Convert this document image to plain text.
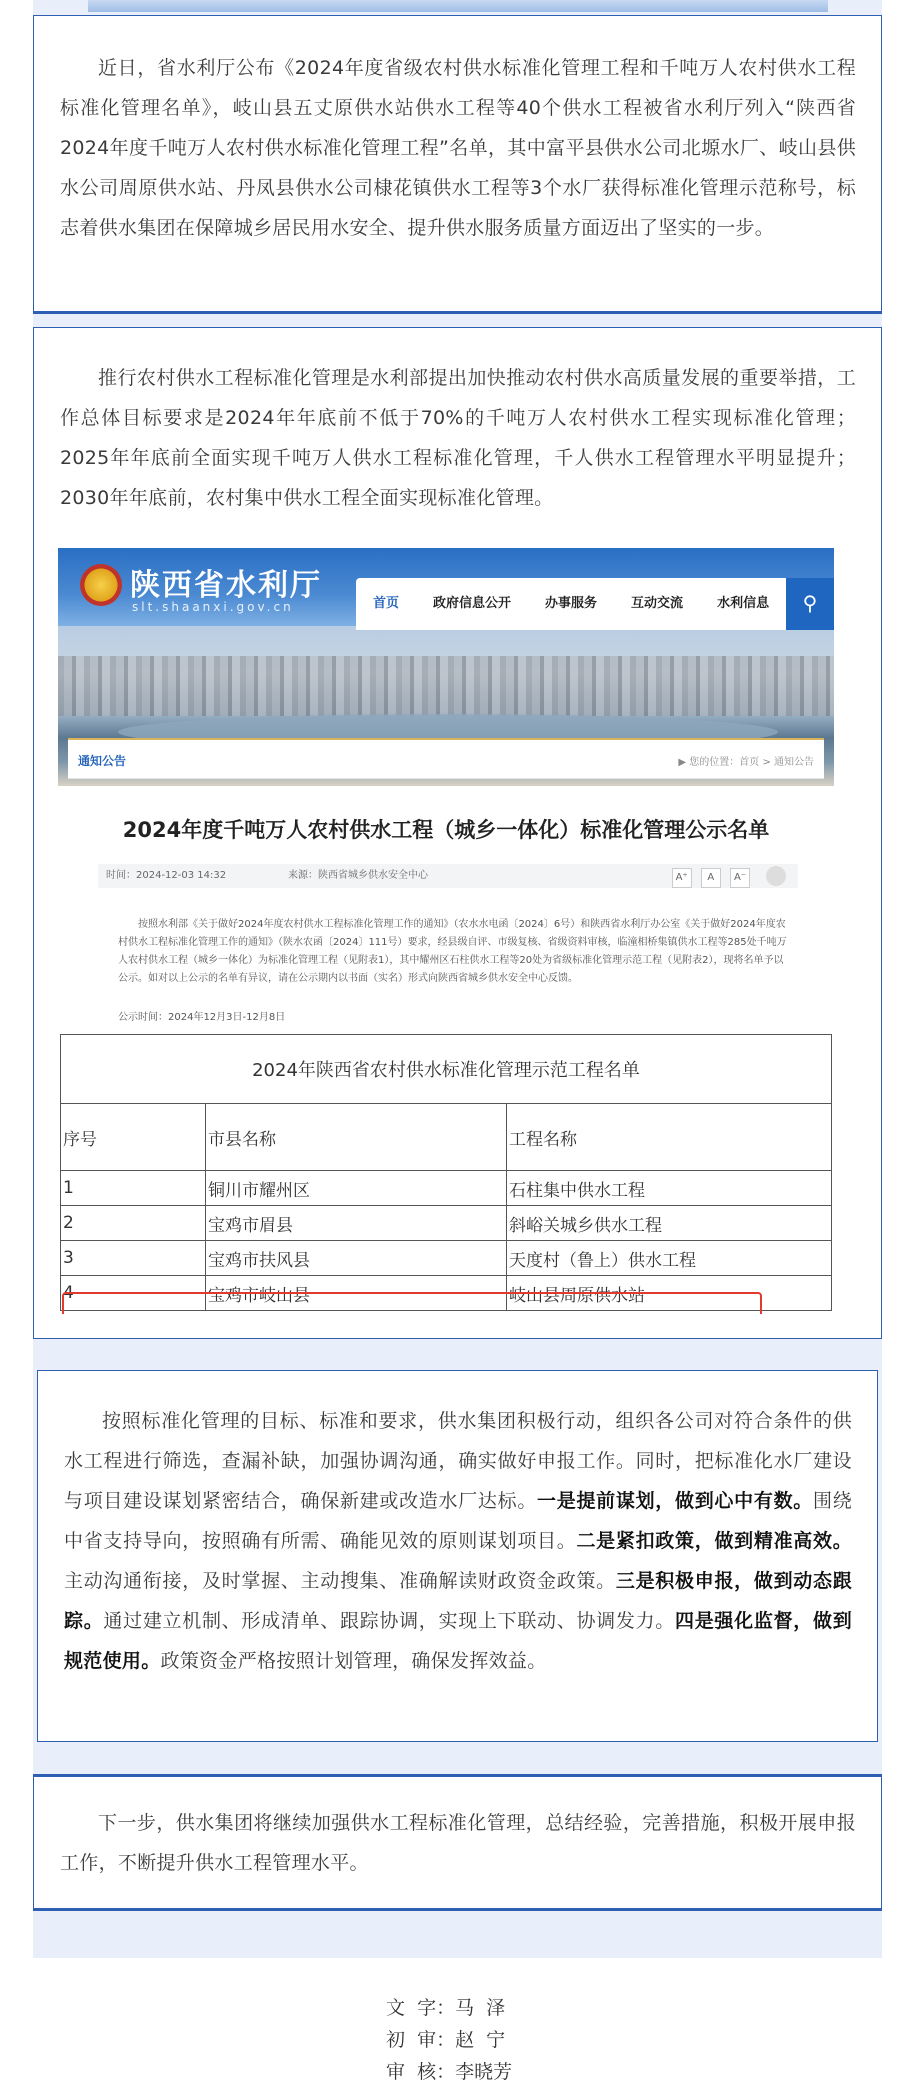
近日，省水利厅公布《2024年度省级农村供水标准化管理工程和千吨万人农村供水工程标准化管理名单》，岐山县五丈原供水站供水工程等40个供水工程被省水利厅列入“陕西省2024年度千吨万人农村供水标准化管理工程”名单，其中富平县供水公司北塬水厂、岐山县供水公司周原供水站、丹凤县供水公司棣花镇供水工程等3个水厂获得标准化管理示范称号，标志着供水集团在保障城乡居民用水安全、提升供水服务质量方面迈出了坚实的一步。

推行农村供水工程标准化管理是水利部提出加快推动农村供水高质量发展的重要举措，工作总体目标要求是2024年年底前不低于70%的千吨万人农村供水工程实现标准化管理；2025年年底前全面实现千吨万人供水工程标准化管理，千人供水工程管理水平明显提升；2030年年底前，农村集中供水工程全面实现标准化管理。

陕西省水利厅
slt.shaanxi.gov.cn	首页	政府信息公开	办事服务	互动交流	水利信息	⚲
通知公告	▶ 您的位置：首页 > 通知公告
2024年度千吨万人农村供水工程（城乡一体化）标准化管理公示名单
时间：2024-12-03 14:32	来源：陕西省城乡供水安全中心	A⁺ A A⁻
按照水利部《关于做好2024年度农村供水工程标准化管理工作的通知》（农水水电函〔2024〕6号）和陕西省水利厅办公室《关于做好2024年度农村供水工程标准化管理工作的通知》（陕水农函〔2024〕111号）要求，经县级自评、市级复核、省级资料审核，临潼相桥集镇供水工程等285处千吨万人农村供水工程（城乡一体化）为标准化管理工程（见附表1），其中耀州区石柱供水工程等20处为省级标准化管理示范工程（见附表2），现将名单予以公示。如对以上公示的名单有异议，请在公示期内以书面（实名）形式向陕西省城乡供水安全中心反馈。
公示时间：2024年12月3日-12月8日
2024年陕西省农村供水标准化管理示范工程名单		
序号	市县名称	工程名称
1	铜川市耀州区	石柱集中供水工程
2	宝鸡市眉县	斜峪关城乡供水工程
3	宝鸡市扶风县	天度村（鲁上）供水工程
4	宝鸡市岐山县	岐山县周原供水站

按照标准化管理的目标、标准和要求，供水集团积极行动，组织各公司对符合条件的供水工程进行筛选，查漏补缺，加强协调沟通，确实做好申报工作。同时，把标准化水厂建设与项目建设谋划紧密结合，确保新建或改造水厂达标。一是提前谋划，做到心中有数。围绕中省支持导向，按照确有所需、确能见效的原则谋划项目。二是紧扣政策，做到精准高效。主动沟通衔接，及时掌握、主动搜集、准确解读财政资金政策。三是积极申报，做到动态跟踪。通过建立机制、形成清单、跟踪协调，实现上下联动、协调发力。四是强化监督，做到规范使用。政策资金严格按照计划管理，确保发挥效益。

下一步，供水集团将继续加强供水工程标准化管理，总结经验，完善措施，积极开展申报工作，不断提升供水工程管理水平。

文  字：马  泽
初  审：赵  宁
审  核：李晓芳
